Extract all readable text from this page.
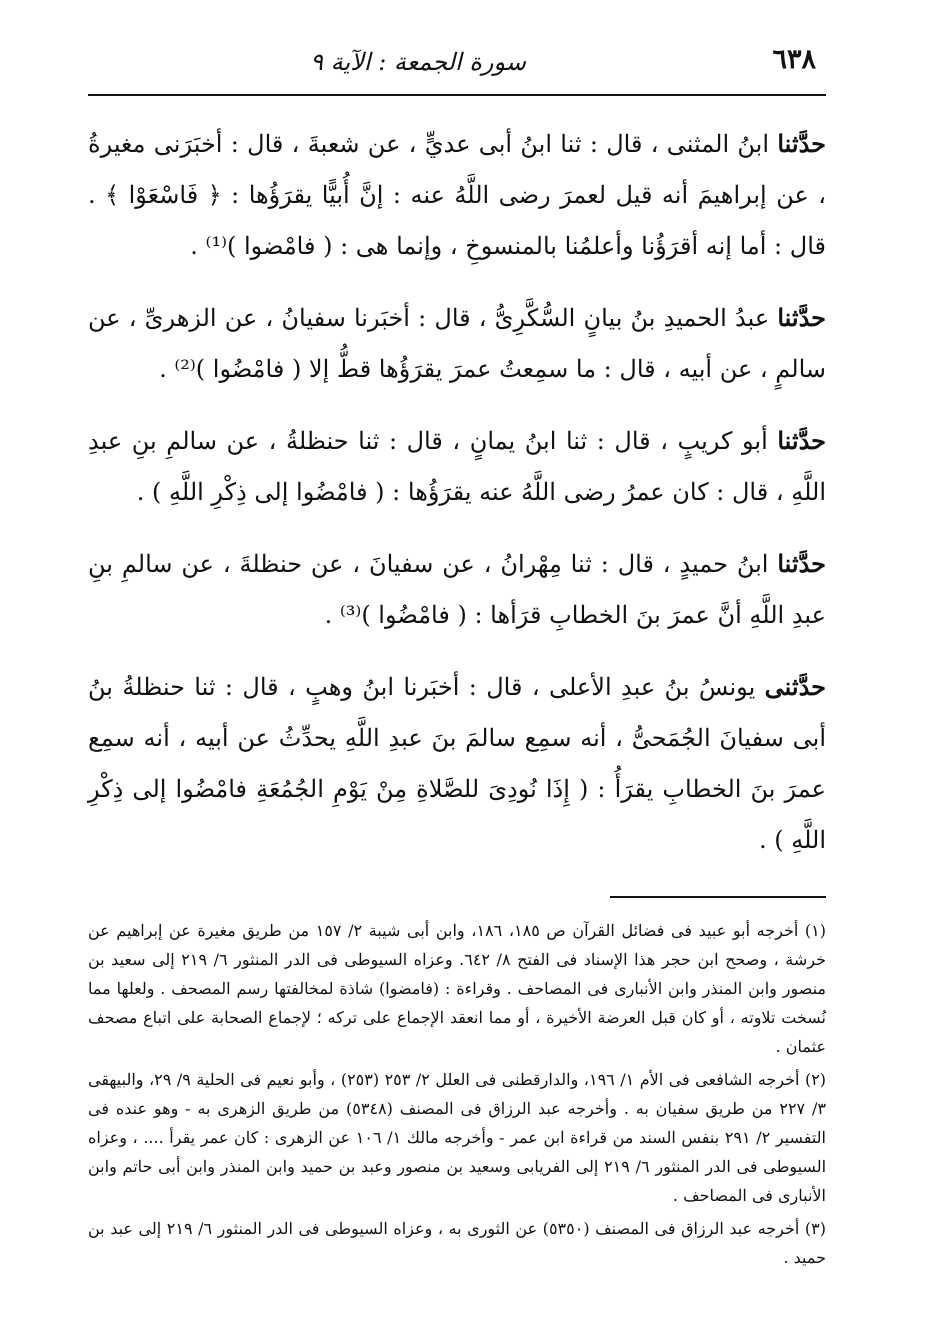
٦٣٨
سورة الجمعة : الآية ٩

حدَّثنا ابنُ المثنى ، قال : ثنا ابنُ أبى عديٍّ ، عن شعبةَ ، قال : أخبَرَنى مغيرةُ ، عن إبراهيمَ أنه قيل لعمرَ رضى اللَّهُ عنه : إنَّ أُبيًّا يقرَؤُها : ﴿ فَاسْعَوْا ﴾ . قال : أما إنه أقرَؤُنا وأعلمُنا بالمنسوخِ ، وإنما هى : ( فامْضوا )⁽¹⁾ .

حدَّثنا عبدُ الحميدِ بنُ بيانٍ السُّكَّرِىُّ ، قال : أخبَرنا سفيانُ ، عن الزهرىِّ ، عن سالمٍ ، عن أبيه ، قال : ما سمِعتُ عمرَ يقرَؤُها قطُّ إلا ( فامْضُوا )⁽²⁾ .

حدَّثنا أبو كريبٍ ، قال : ثنا ابنُ يمانٍ ، قال : ثنا حنظلةُ ، عن سالمِ بنِ عبدِ اللَّهِ ، قال : كان عمرُ رضى اللَّهُ عنه يقرَؤُها : ( فامْضُوا إلى ذِكْرِ اللَّهِ ) .

حدَّثنا ابنُ حميدٍ ، قال : ثنا مِهْرانُ ، عن سفيانَ ، عن حنظلةَ ، عن سالمِ بنِ عبدِ اللَّهِ أنَّ عمرَ بنَ الخطابِ قرَأها : ( فامْضُوا )⁽³⁾ .

حدَّثنى يونسُ بنُ عبدِ الأعلى ، قال : أخبَرنا ابنُ وهبٍ ، قال : ثنا حنظلةُ بنُ أبى سفيانَ الجُمَحىُّ ، أنه سمِع سالمَ بنَ عبدِ اللَّهِ يحدِّثُ عن أبيه ، أنه سمِع عمرَ بنَ الخطابِ يقرَأُ : ( إِذَا نُودِىَ للصَّلاةِ مِنْ يَوْمِ الجُمُعَةِ فامْضُوا إلى ذِكْرِ اللَّهِ ) .

(١) أخرجه أبو عبيد فى فضائل القرآن ص ١٨٥، ١٨٦، وابن أبى شيبة ٢/ ١٥٧ من طريق مغيرة عن إبراهيم عن خرشة ، وصحح ابن حجر هذا الإسناد فى الفتح ٨/ ٦٤٢. وعزاه السيوطى فى الدر المنثور ٦/ ٢١٩ إلى سعيد بن منصور وابن المنذر وابن الأنبارى فى المصاحف . وقراءة : (فامضوا) شاذة لمخالفتها رسم المصحف . ولعلها مما نُسخت تلاوته ، أو كان قبل العرضة الأخيرة ، أو مما انعقد الإجماع على تركه ؛ لإجماع الصحابة على اتباع مصحف عثمان .

(٢) أخرجه الشافعى فى الأم ١/ ١٩٦، والدارقطنى فى العلل ٢/ ٢٥٣ (٢٥٣) ، وأبو نعيم فى الحلية ٩/ ٢٩، والبيهقى ٣/ ٢٢٧ من طريق سفيان به . وأخرجه عبد الرزاق فى المصنف (٥٣٤٨) من طريق الزهرى به - وهو عنده فى التفسير ٢/ ٢٩١ بنفس السند من قراءة ابن عمر - وأخرجه مالك ١/ ١٠٦ عن الزهرى : كان عمر يقرأ .... ، وعزاه السيوطى فى الدر المنثور ٦/ ٢١٩ إلى الفريابى وسعيد بن منصور وعبد بن حميد وابن المنذر وابن أبى حاتم وابن الأنبارى فى المصاحف .

(٣) أخرجه عبد الرزاق فى المصنف (٥٣٥٠) عن الثورى به ، وعزاه السيوطى فى الدر المنثور ٦/ ٢١٩ إلى عبد بن حميد .
